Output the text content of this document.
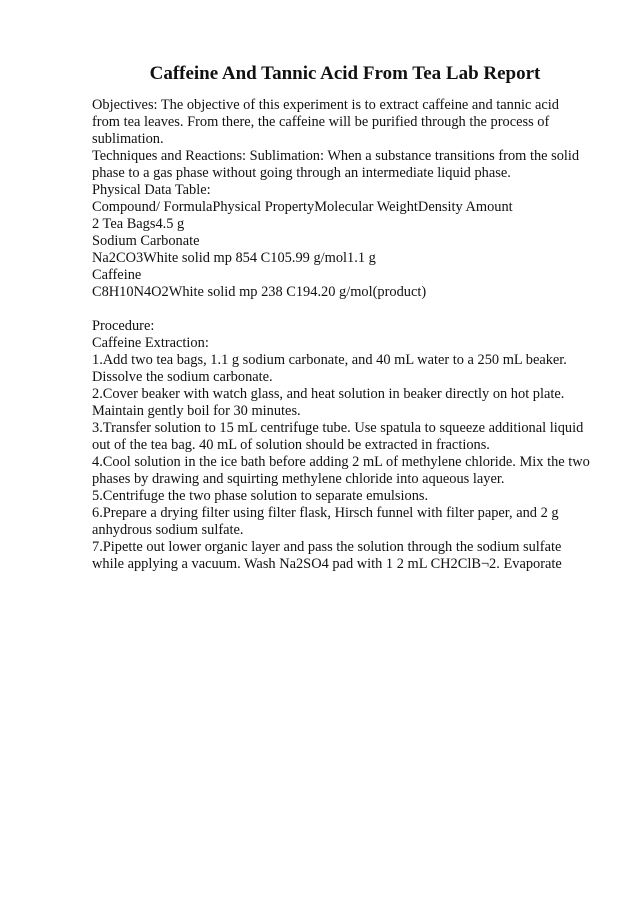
Caffeine And Tannic Acid From Tea Lab Report
Objectives: The objective of this experiment is to extract caffeine and tannic acid
from tea leaves. From there, the caffeine will be purified through the process of
sublimation.
Techniques and Reactions: Sublimation: When a substance transitions from the solid
phase to a gas phase without going through an intermediate liquid phase.
Physical Data Table:
Compound/ FormulaPhysical PropertyMolecular WeightDensity Amount
2 Tea Bags4.5 g
Sodium Carbonate
Na2CO3White solid mp 854 C105.99 g/mol1.1 g
Caffeine
C8H10N4O2White solid mp 238 C194.20 g/mol(product)
Procedure:
Caffeine Extraction:
1.Add two tea bags, 1.1 g sodium carbonate, and 40 mL water to a 250 mL beaker.
Dissolve the sodium carbonate.
2.Cover beaker with watch glass, and heat solution in beaker directly on hot plate.
Maintain gently boil for 30 minutes.
3.Transfer solution to 15 mL centrifuge tube. Use spatula to squeeze additional liquid
out of the tea bag. 40 mL of solution should be extracted in fractions.
4.Cool solution in the ice bath before adding 2 mL of methylene chloride. Mix the two
phases by drawing and squirting methylene chloride into aqueous layer.
5.Centrifuge the two phase solution to separate emulsions.
6.Prepare a drying filter using filter flask, Hirsch funnel with filter paper, and 2 g
anhydrous sodium sulfate.
7.Pipette out lower organic layer and pass the solution through the sodium sulfate
while applying a vacuum. Wash Na2SO4 pad with 1 2 mL CH2ClB¬2. Evaporate
